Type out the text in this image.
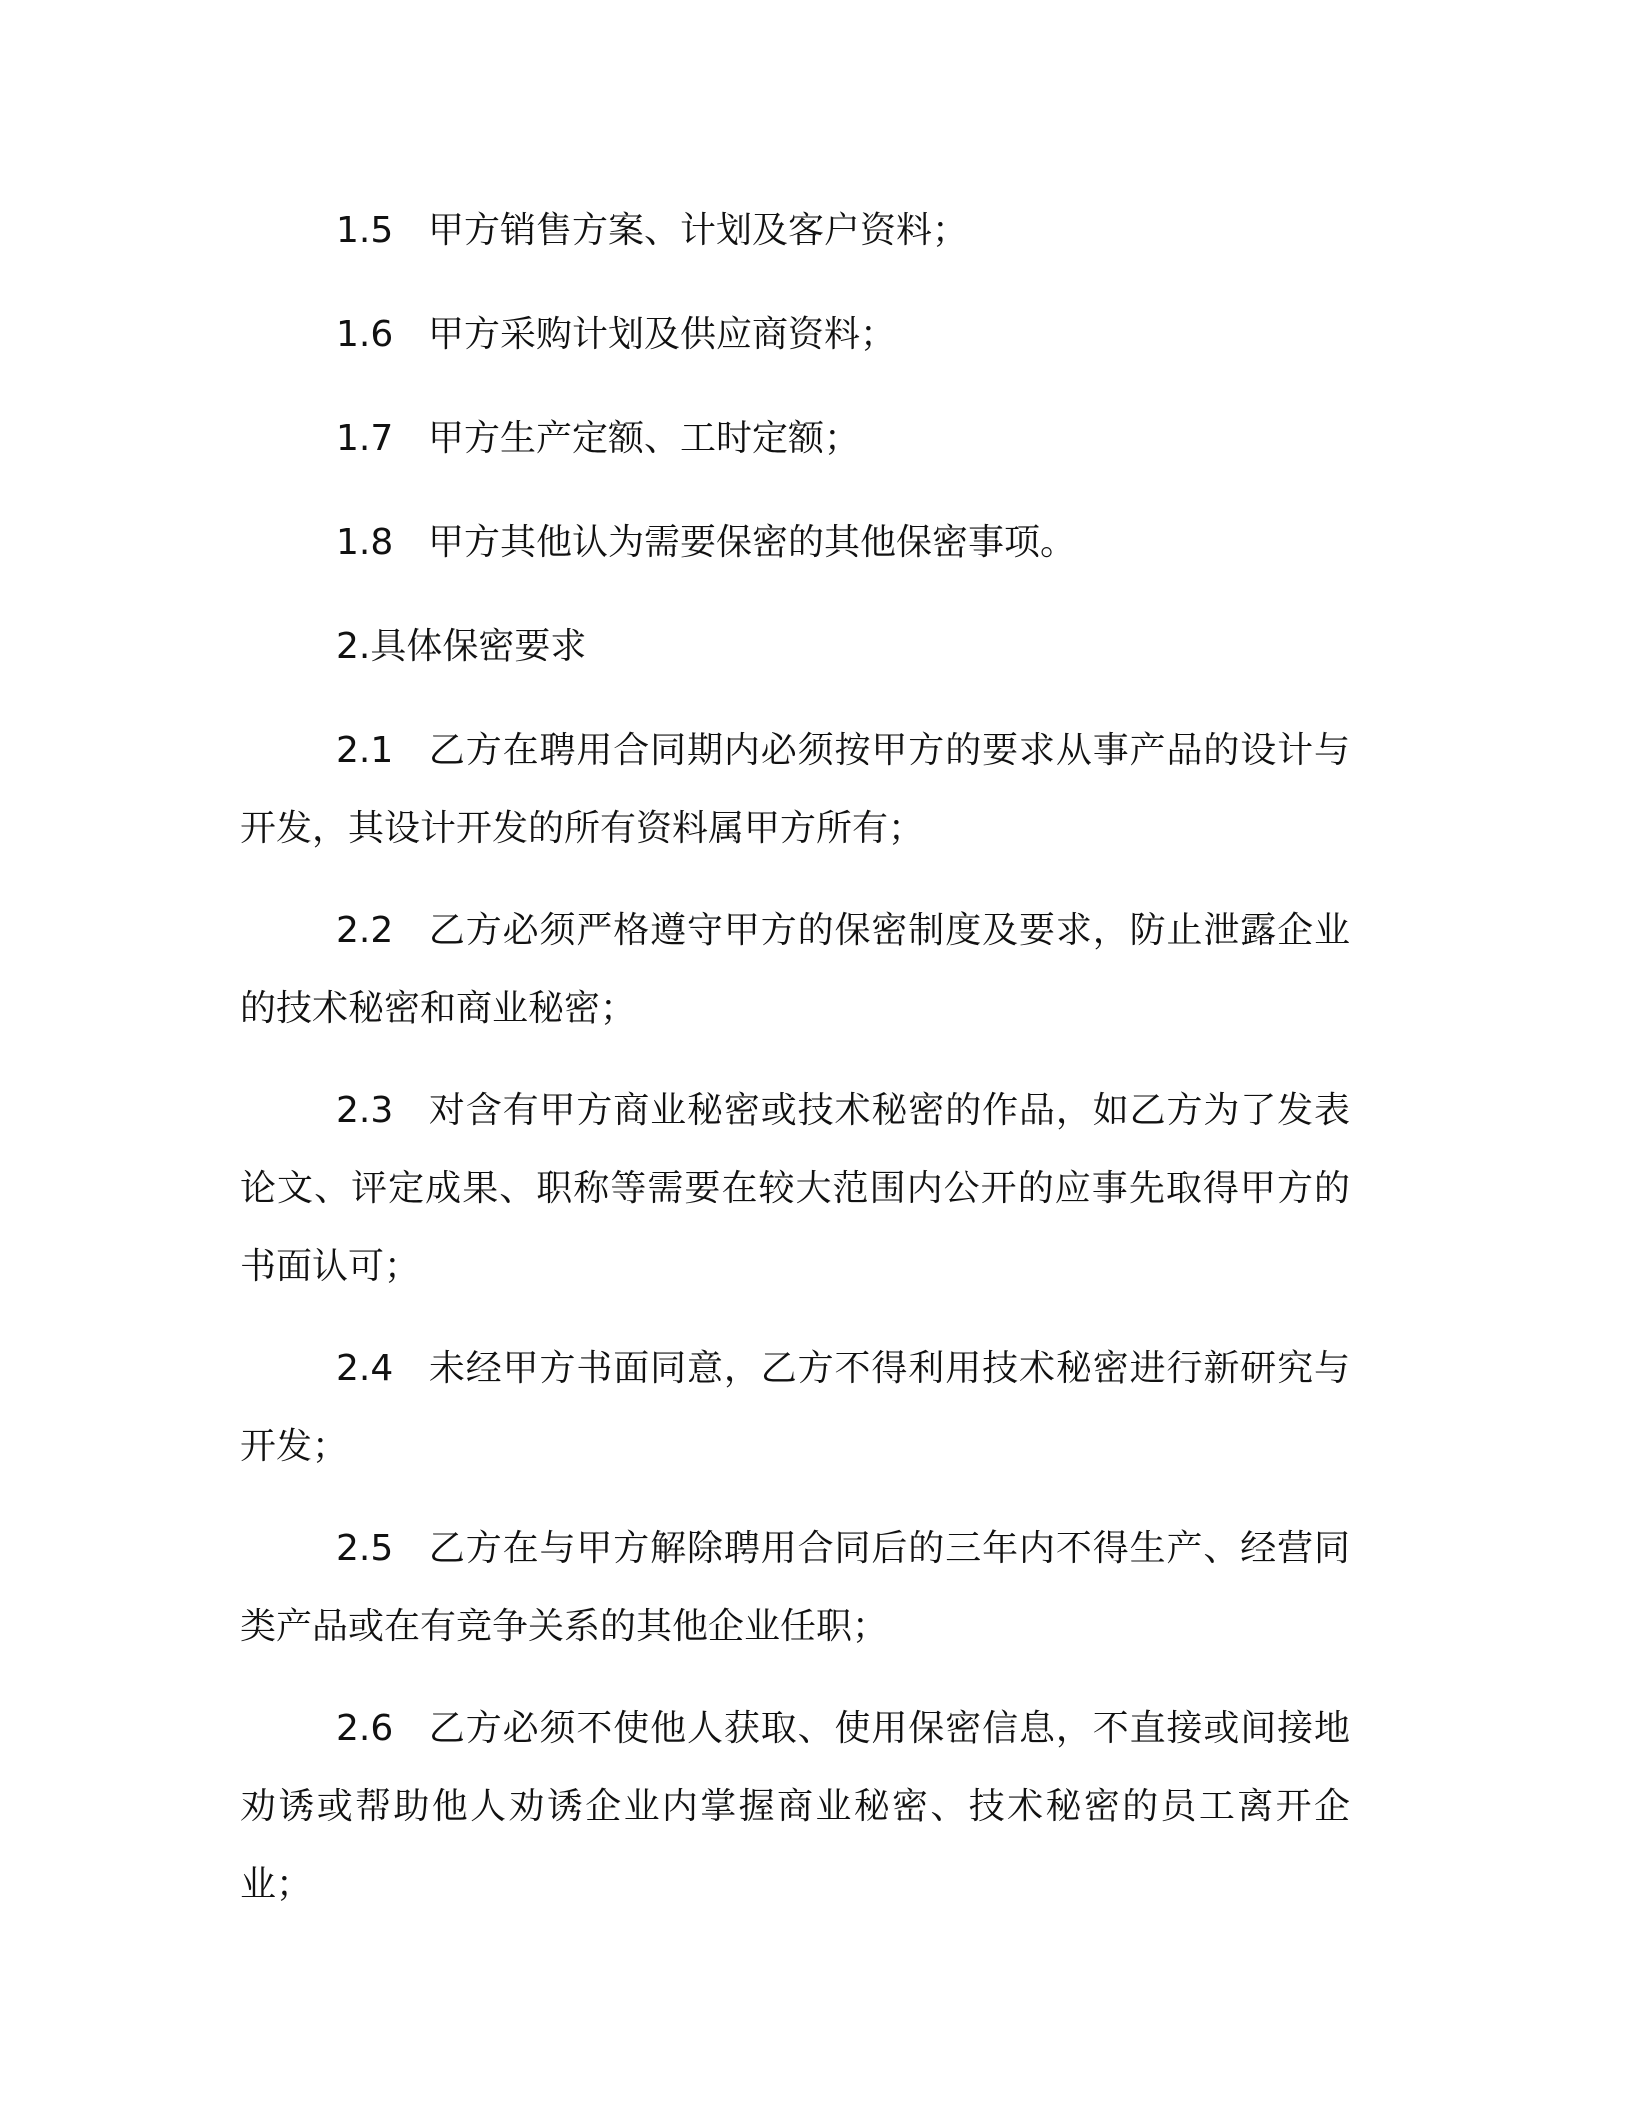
1.5 甲方销售方案、计划及客户资料；

1.6 甲方采购计划及供应商资料；

1.7 甲方生产定额、工时定额；

1.8 甲方其他认为需要保密的其他保密事项。

2.具体保密要求

2.1 乙方在聘用合同期内必须按甲方的要求从事产品的设计与开发，其设计开发的所有资料属甲方所有；

2.2 乙方必须严格遵守甲方的保密制度及要求，防止泄露企业的技术秘密和商业秘密；

2.3 对含有甲方商业秘密或技术秘密的作品，如乙方为了发表论文、评定成果、职称等需要在较大范围内公开的应事先取得甲方的书面认可；

2.4 未经甲方书面同意，乙方不得利用技术秘密进行新研究与开发；

2.5 乙方在与甲方解除聘用合同后的三年内不得生产、经营同类产品或在有竞争关系的其他企业任职；

2.6 乙方必须不使他人获取、使用保密信息，不直接或间接地劝诱或帮助他人劝诱企业内掌握商业秘密、技术秘密的员工离开企业；
